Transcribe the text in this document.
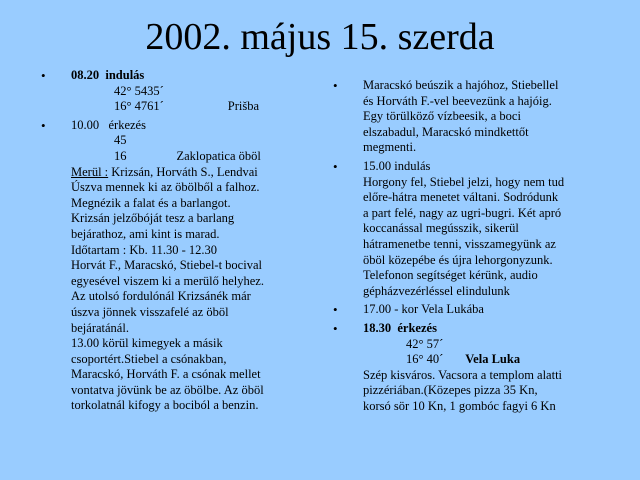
2002. május 15. szerda
• 08.20 indulás
42° 5435´
16° 4761´	Prišba
• 10.00 érkezés
45
16	Zaklopatica öböl
Merül : Krizsán, Horváth S., Lendvai
Úszva mennek ki az öbölből a falhoz.
Megnézik a falat és a barlangot.
Krizsán jelzőbóját tesz a barlang
bejárathoz, ami kint is marad.
Időtartam : Kb. 11.30 - 12.30
Horvát F., Maracskó, Stiebel-t bocival
egyesével viszem ki a merülő helyhez.
Az utolsó fordulónál Krizsánék már
úszva jönnek visszafelé az öböl
bejáratánál.
13.00 körül kimegyek a másik
csoportért.Stiebel a csónakban,
Maracskó, Horváth F. a csónak mellet
vontatva jövünk be az öbölbe. Az öböl
torkolatnál kifogy a bociból a benzin.
• Maracskó beúszik a hajóhoz, Stiebellel
és Horváth F.-vel beevezünk a hajóig.
Egy törülköző vízbeesik, a boci
elszabadul, Maracskó mindkettőt
megmenti.
• 15.00 indulás
Horgony fel, Stiebel jelzi, hogy nem tud
előre-hátra menetet váltani. Sodródunk
a part felé, nagy az ugri-bugri. Két apró
koccanással megússzik, sikerül
hátramenetbe tenni, visszamegyünk az
öböl közepébe és újra lehorgonyzunk.
Telefonon segítséget kérünk, audio
gépházvezérléssel elindulunk
• 17.00 - kor Vela Lukába
• 18.30 érkezés
42° 57´
16° 40´ Vela Luka
Szép kisváros. Vacsora a templom alatti
pizzériában.(Közepes pizza 35 Kn,
korsó sör 10 Kn, 1 gombóc fagyi 6 Kn
